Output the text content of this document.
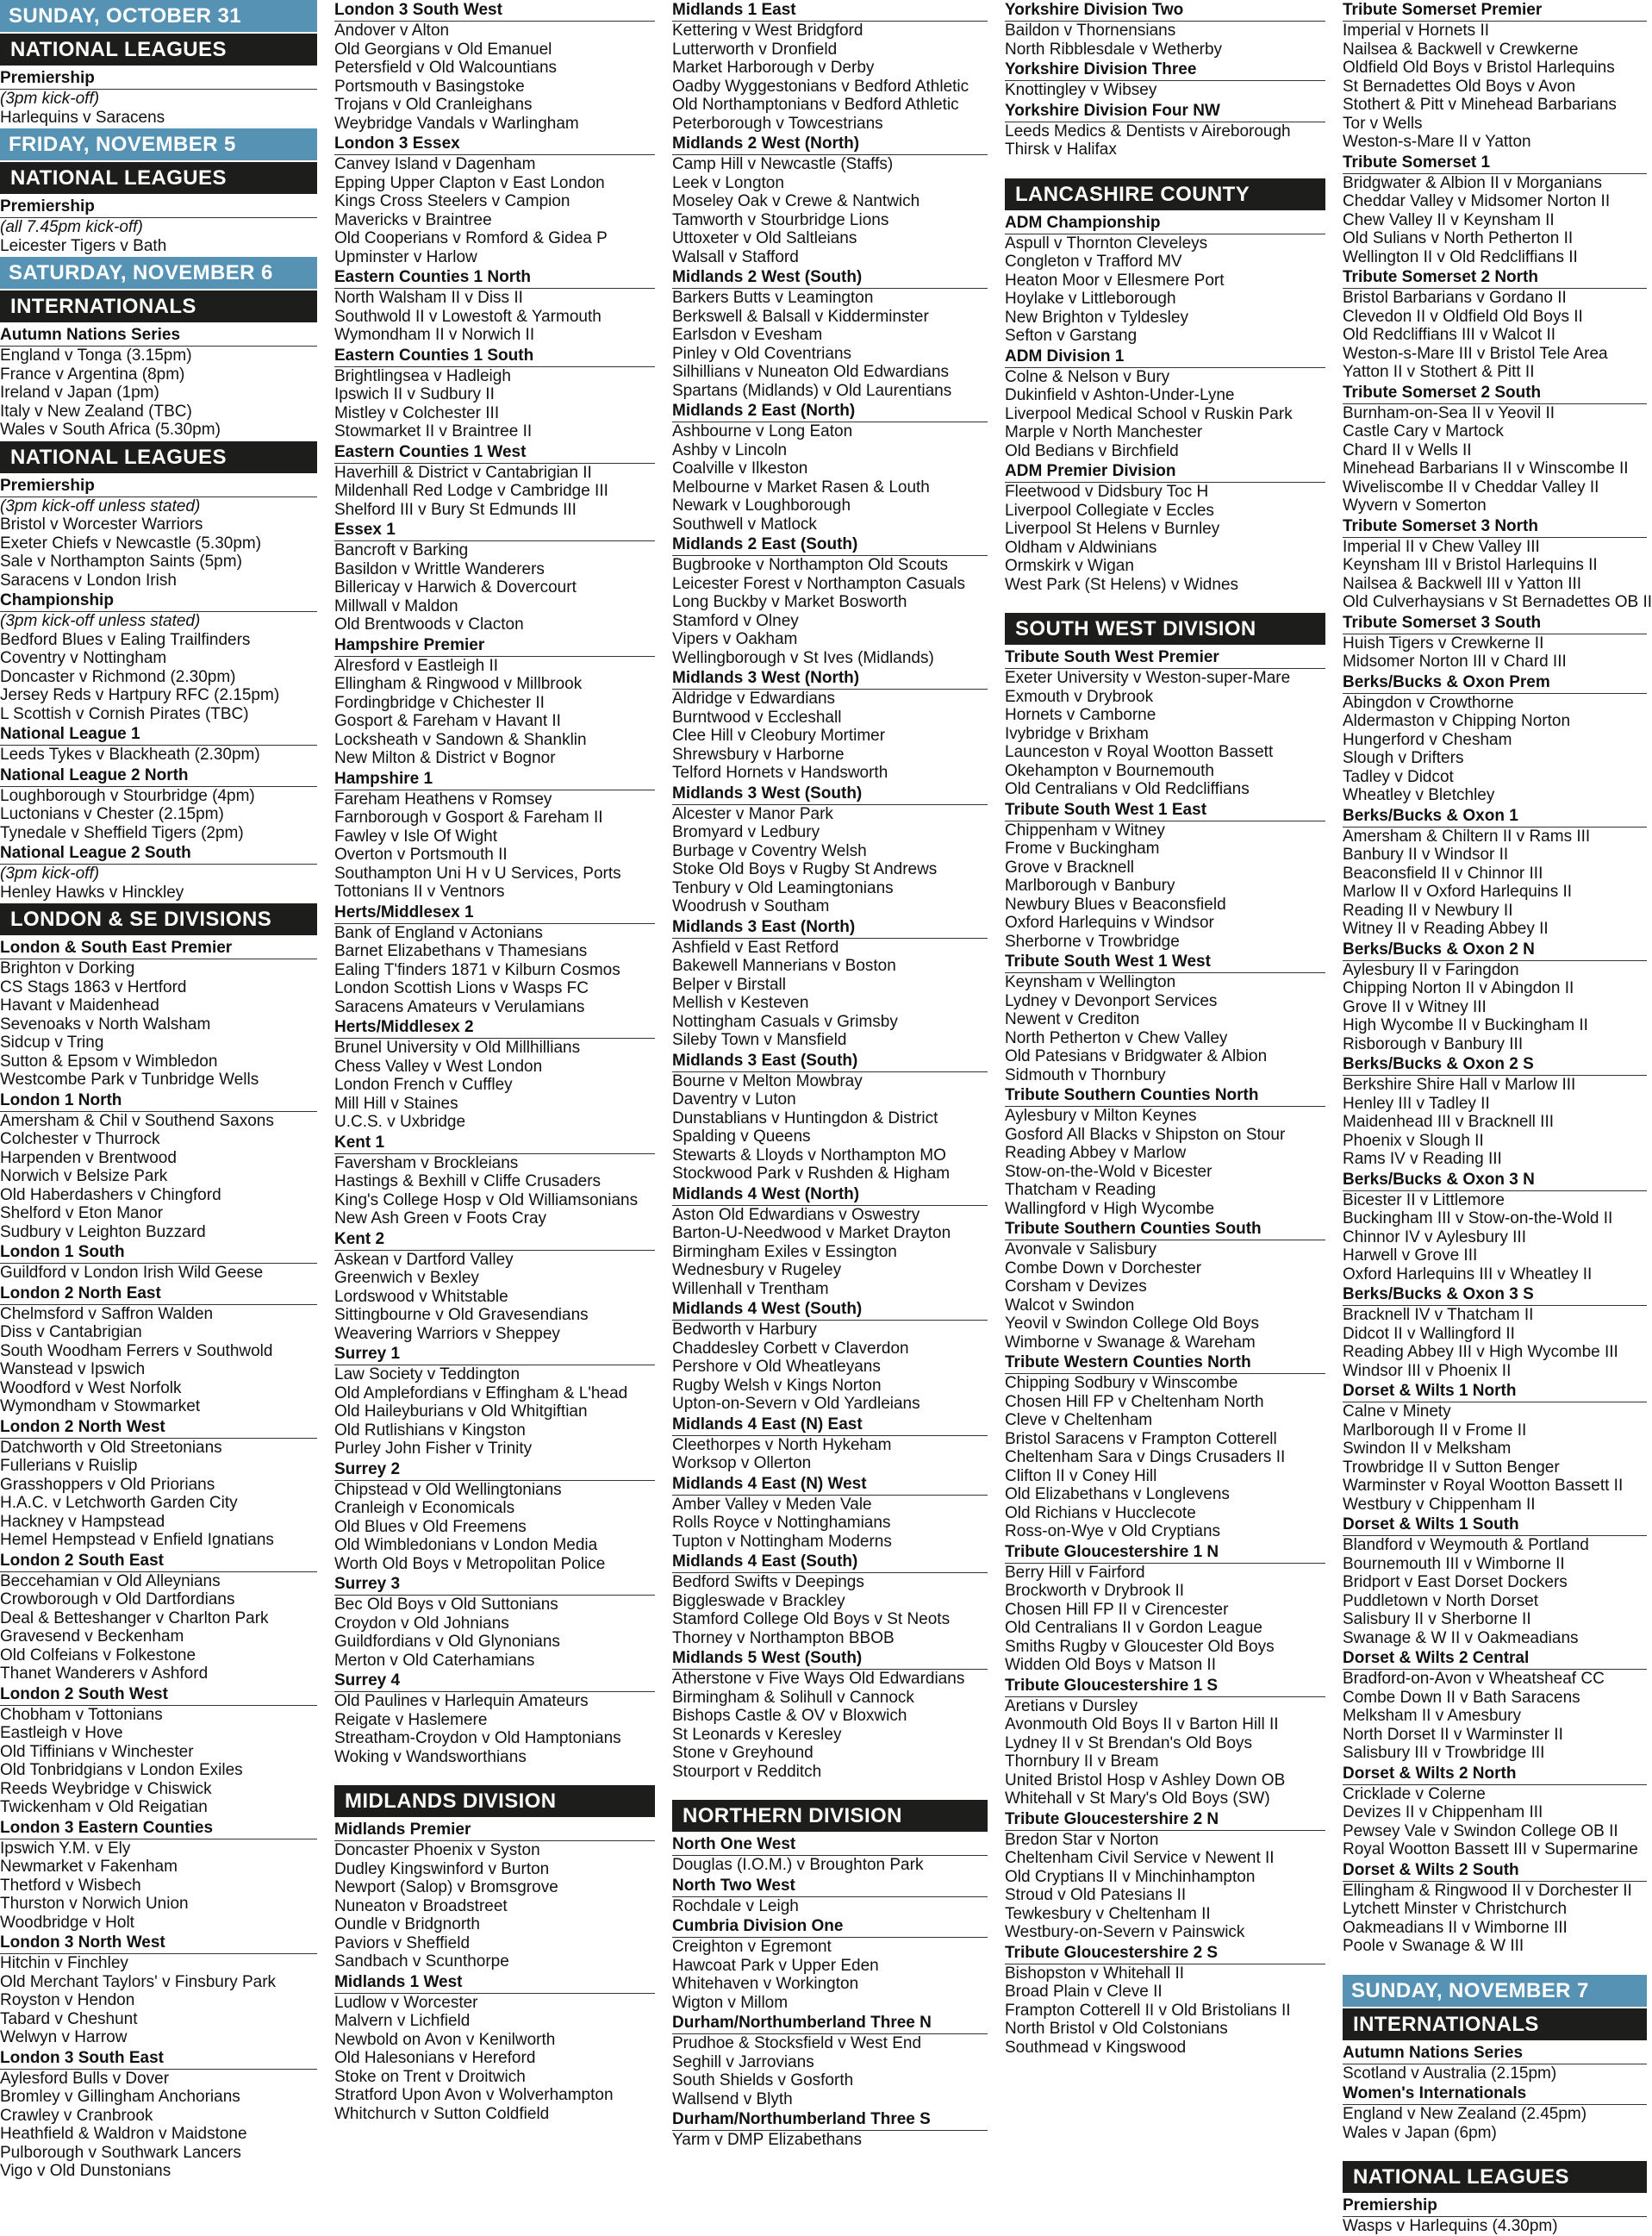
SUNDAY, OCTOBER 31
NATIONAL LEAGUES
Premiership
(3pm kick-off)
Harlequins v Saracens
FRIDAY, NOVEMBER 5
NATIONAL LEAGUES
Premiership
(all 7.45pm kick-off)
Leicester Tigers v Bath
SATURDAY, NOVEMBER 6
INTERNATIONALS
Autumn Nations Series
England v Tonga (3.15pm)
France v Argentina (8pm)
Ireland v Japan (1pm)
Italy v New Zealand (TBC)
Wales v South Africa (5.30pm)
NATIONAL LEAGUES
Premiership
(3pm kick-off unless stated)
Bristol v Worcester Warriors
Exeter Chiefs v Newcastle (5.30pm)
Sale v Northampton Saints (5pm)
Saracens v London Irish
Championship
(3pm kick-off unless stated)
Bedford Blues v Ealing Trailfinders
Coventry v Nottingham
Doncaster v Richmond (2.30pm)
Jersey Reds v Hartpury RFC (2.15pm)
L Scottish v Cornish Pirates (TBC)
National League 1
Leeds Tykes v Blackheath (2.30pm)
National League 2 North
Loughborough v Stourbridge (4pm)
Luctonians v Chester (2.15pm)
Tynedale v Sheffield Tigers (2pm)
National League 2 South
(3pm kick-off)
Henley Hawks v Hinckley
LONDON & SE DIVISIONS
London & South East Premier
Brighton v Dorking
CS Stags 1863 v Hertford
Havant v Maidenhead
Sevenoaks v North Walsham
Sidcup v Tring
Sutton & Epsom v Wimbledon
Westcombe Park v Tunbridge Wells
London 1 North
Amersham & Chil v Southend Saxons
Colchester v Thurrock
Harpenden v Brentwood
Norwich v Belsize Park
Old Haberdashers v Chingford
Shelford v Eton Manor
Sudbury v Leighton Buzzard
London 1 South
Guildford v London Irish Wild Geese
London 2 North East
Chelmsford v Saffron Walden
Diss v Cantabrigian
South Woodham Ferrers v Southwold
Wanstead v Ipswich
Woodford v West Norfolk
Wymondham v Stowmarket
London 2 North West
Datchworth v Old Streetonians
Fullerians v Ruislip
Grasshoppers v Old Priorians
H.A.C. v Letchworth Garden City
Hackney v Hampstead
Hemel Hempstead v Enfield Ignatians
London 2 South East
Beccehamian v Old Alleynians
Crowborough v Old Dartfordians
Deal & Betteshanger v Charlton Park
Gravesend v Beckenham
Old Colfeians v Folkestone
Thanet Wanderers v Ashford
London 2 South West
Chobham v Tottonians
Eastleigh v Hove
Old Tiffinians v Winchester
Old Tonbridgians v London Exiles
Reeds Weybridge v Chiswick
Twickenham v Old Reigatian
London 3 Eastern Counties
Ipswich Y.M. v Ely
Newmarket v Fakenham
Thetford v Wisbech
Thurston v Norwich Union
Woodbridge v Holt
London 3 North West
Hitchin v Finchley
Old Merchant Taylors' v Finsbury Park
Royston v Hendon
Tabard v Cheshunt
Welwyn v Harrow
London 3 South East
Aylesford Bulls v Dover
Bromley v Gillingham Anchorians
Crawley v Cranbrook
Heathfield & Waldron v Maidstone
Pulborough v Southwark Lancers
Vigo v Old Dunstonians
London 3 South West
Andover v Alton
Old Georgians v Old Emanuel
Petersfield v Old Walcountians
Portsmouth v Basingstoke
Trojans v Old Cranleighans
Weybridge Vandals v Warlingham
London 3 Essex
Canvey Island v Dagenham
Epping Upper Clapton v East London
Kings Cross Steelers v Campion
Mavericks v Braintree
Old Cooperians v Romford & Gidea P
Upminster v Harlow
Eastern Counties 1 North
North Walsham II v Diss II
Southwold II v Lowestoft & Yarmouth
Wymondham II v Norwich II
Eastern Counties 1 South
Brightlingsea v Hadleigh
Ipswich II v Sudbury II
Mistley v Colchester III
Stowmarket II v Braintree II
Eastern Counties 1 West
Haverhill & District v Cantabrigian II
Mildenhall Red Lodge v Cambridge III
Shelford III v Bury St Edmunds III
Essex 1
Bancroft v Barking
Basildon v Writtle Wanderers
Billericay v Harwich & Dovercourt
Millwall v Maldon
Old Brentwoods v Clacton
Hampshire Premier
Alresford v Eastleigh II
Ellingham & Ringwood v Millbrook
Fordingbridge v Chichester II
Gosport & Fareham v Havant II
Locksheath v Sandown & Shanklin
New Milton & District v Bognor
Hampshire 1
Fareham Heathens v Romsey
Farnborough v Gosport & Fareham II
Fawley v Isle Of Wight
Overton v Portsmouth II
Southampton Uni H v U Services, Ports
Tottonians II v Ventnors
Herts/Middlesex 1
Bank of England v Actonians
Barnet Elizabethans v Thamesians
Ealing T'finders 1871 v Kilburn Cosmos
London Scottish Lions v Wasps FC
Saracens Amateurs v Verulamians
Herts/Middlesex 2
Brunel University v Old Millhillians
Chess Valley v West London
London French v Cuffley
Mill Hill v Staines
U.C.S. v Uxbridge
Kent 1
Faversham v Brockleians
Hastings & Bexhill v Cliffe Crusaders
King's College Hosp v Old Williamsonians
New Ash Green v Foots Cray
Kent 2
Askean v Dartford Valley
Greenwich v Bexley
Lordswood v Whitstable
Sittingbourne v Old Gravesendians
Weavering Warriors v Sheppey
Surrey 1
Law Society v Teddington
Old Amplefordians v Effingham & L'head
Old Haileyburians v Old Whitgiftian
Old Rutlishians v Kingston
Purley John Fisher v Trinity
Surrey 2
Chipstead v Old Wellingtonians
Cranleigh v Economicals
Old Blues v Old Freemens
Old Wimbledonians v London Media
Worth Old Boys v Metropolitan Police
Surrey 3
Bec Old Boys v Old Suttonians
Croydon v Old Johnians
Guildfordians v Old Glynonians
Merton v Old Caterhamians
Surrey 4
Old Paulines v Harlequin Amateurs
Reigate v Haslemere
Streatham-Croydon v Old Hamptonians
Woking v Wandsworthians
MIDLANDS DIVISION
Midlands Premier
Doncaster Phoenix v Syston
Dudley Kingswinford v Burton
Newport (Salop) v Bromsgrove
Nuneaton v Broadstreet
Oundle v Bridgnorth
Paviors v Sheffield
Sandbach v Scunthorpe
Midlands 1 West
Ludlow v Worcester
Malvern v Lichfield
Newbold on Avon v Kenilworth
Old Halesonians v Hereford
Stoke on Trent v Droitwich
Stratford Upon Avon v Wolverhampton
Whitchurch v Sutton Coldfield
Midlands 1 East
Kettering v West Bridgford
Lutterworth v Dronfield
Market Harborough v Derby
Oadby Wyggestonians v Bedford Athletic
Old Northamptonians v Bedford Athletic
Peterborough v Towcestrians
Midlands 2 West (North)
Camp Hill v Newcastle (Staffs)
Leek v Longton
Moseley Oak v Crewe & Nantwich
Tamworth v Stourbridge Lions
Uttoxeter v Old Saltleians
Walsall v Stafford
Midlands 2 West (South)
Barkers Butts v Leamington
Berkswell & Balsall v Kidderminster
Earlsdon v Evesham
Pinley v Old Coventrians
Silhillians v Nuneaton Old Edwardians
Spartans (Midlands) v Old Laurentians
Midlands 2 East (North)
Ashbourne v Long Eaton
Ashby v Lincoln
Coalville v Ilkeston
Melbourne v Market Rasen & Louth
Newark v Loughborough
Southwell v Matlock
Midlands 2 East (South)
Bugbrooke v Northampton Old Scouts
Leicester Forest v Northampton Casuals
Long Buckby v Market Bosworth
Stamford v Olney
Vipers v Oakham
Wellingborough v St Ives (Midlands)
Midlands 3 West (North)
Aldridge v Edwardians
Burntwood v Eccleshall
Clee Hill v Cleobury Mortimer
Shrewsbury v Harborne
Telford Hornets v Handsworth
Midlands 3 West (South)
Alcester v Manor Park
Bromyard v Ledbury
Burbage v Coventry Welsh
Stoke Old Boys v Rugby St Andrews
Tenbury v Old Leamingtonians
Woodrush v Southam
Midlands 3 East (North)
Ashfield v East Retford
Bakewell Mannerians v Boston
Belper v Birstall
Mellish v Kesteven
Nottingham Casuals v Grimsby
Sileby Town v Mansfield
Midlands 3 East (South)
Bourne v Melton Mowbray
Daventry v Luton
Dunstablians v Huntingdon & District
Spalding v Queens
Stewarts & Lloyds v Northampton MO
Stockwood Park v Rushden & Higham
Midlands 4 West (North)
Aston Old Edwardians v Oswestry
Barton-U-Needwood v Market Drayton
Birmingham Exiles v Essington
Wednesbury v Rugeley
Willenhall v Trentham
Midlands 4 West (South)
Bedworth v Harbury
Chaddesley Corbett v Claverdon
Pershore v Old Wheatleyans
Rugby Welsh v Kings Norton
Upton-on-Severn v Old Yardleians
Midlands 4 East (N) East
Cleethorpes v North Hykeham
Worksop v Ollerton
Midlands 4 East (N) West
Amber Valley v Meden Vale
Rolls Royce v Nottinghamians
Tupton v Nottingham Moderns
Midlands 4 East (South)
Bedford Swifts v Deepings
Biggleswade v Brackley
Stamford College Old Boys v St Neots
Thorney v Northampton BBOB
Midlands 5 West (South)
Atherstone v Five Ways Old Edwardians
Birmingham & Solihull v Cannock
Bishops Castle & OV v Bloxwich
St Leonards v Keresley
Stone v Greyhound
Stourport v Redditch
NORTHERN DIVISION
North One West
Douglas (I.O.M.) v Broughton Park
North Two West
Rochdale v Leigh
Cumbria Division One
Creighton v Egremont
Hawcoat Park v Upper Eden
Whitehaven v Workington
Wigton v Millom
Durham/Northumberland Three N
Prudhoe & Stocksfield v West End
Seghill v Jarrovians
South Shields v Gosforth
Wallsend v Blyth
Durham/Northumberland Three S
Yarm v DMP Elizabethans
Yorkshire Division Two
Baildon v Thornensians
North Ribblesdale v Wetherby
Yorkshire Division Three
Knottingley v Wibsey
Yorkshire Division Four NW
Leeds Medics & Dentists v Aireborough
Thirsk v Halifax
LANCASHIRE COUNTY
ADM Championship
Aspull v Thornton Cleveleys
Congleton v Trafford MV
Heaton Moor v Ellesmere Port
Hoylake v Littleborough
New Brighton v Tyldesley
Sefton v Garstang
ADM Division 1
Colne & Nelson v Bury
Dukinfield v Ashton-Under-Lyne
Liverpool Medical School v Ruskin Park
Marple v North Manchester
Old Bedians v Birchfield
ADM Premier Division
Fleetwood v Didsbury Toc H
Liverpool Collegiate v Eccles
Liverpool St Helens v Burnley
Oldham v Aldwinians
Ormskirk v Wigan
West Park (St Helens) v Widnes
SOUTH WEST DIVISION
Tribute South West Premier
Exeter University v Weston-super-Mare
Exmouth v Drybrook
Hornets v Camborne
Ivybridge v Brixham
Launceston v Royal Wootton Bassett
Okehampton v Bournemouth
Old Centralians v Old Redcliffians
Tribute South West 1 East
Chippenham v Witney
Frome v Buckingham
Grove v Bracknell
Marlborough v Banbury
Newbury Blues v Beaconsfield
Oxford Harlequins v Windsor
Sherborne v Trowbridge
Tribute South West 1 West
Keynsham v Wellington
Lydney v Devonport Services
Newent v Crediton
North Petherton v Chew Valley
Old Patesians v Bridgwater & Albion
Sidmouth v Thornbury
Tribute Southern Counties North
Aylesbury v Milton Keynes
Gosford All Blacks v Shipston on Stour
Reading Abbey v Marlow
Stow-on-the-Wold v Bicester
Thatcham v Reading
Wallingford v High Wycombe
Tribute Southern Counties South
Avonvale v Salisbury
Combe Down v Dorchester
Corsham v Devizes
Walcot v Swindon
Yeovil v Swindon College Old Boys
Wimborne v Swanage & Wareham
Tribute Western Counties North
Chipping Sodbury v Winscombe
Chosen Hill FP v Cheltenham North
Cleve v Cheltenham
Bristol Saracens v Frampton Cotterell
Cheltenham Sara v Dings Crusaders II
Clifton II v Coney Hill
Old Elizabethans v Longlevens
Old Richians v Hucclecote
Ross-on-Wye v Old Cryptians
Tribute Gloucestershire 1 N
Berry Hill v Fairford
Brockworth v Drybrook II
Chosen Hill FP II v Cirencester
Old Centralians II v Gordon League
Smiths Rugby v Gloucester Old Boys
Widden Old Boys v Matson II
Tribute Gloucestershire 1 S
Aretians v Dursley
Avonmouth Old Boys II v Barton Hill II
Lydney II v St Brendan's Old Boys
Thornbury II v Bream
United Bristol Hosp v Ashley Down OB
Whitehall v St Mary's Old Boys (SW)
Tribute Gloucestershire 2 N
Bredon Star v Norton
Cheltenham Civil Service v Newent II
Old Cryptians II v Minchinhampton
Stroud v Old Patesians II
Tewkesbury v Cheltenham II
Westbury-on-Severn v Painswick
Tribute Gloucestershire 2 S
Bishopston v Whitehall II
Broad Plain v Cleve II
Frampton Cotterell II v Old Bristolians II
North Bristol v Old Colstonians
Southmead v Kingswood
Tribute Somerset Premier
Imperial v Hornets II
Nailsea & Backwell v Crewkerne
Oldfield Old Boys v Bristol Harlequins
St Bernadettes Old Boys v Avon
Stothert & Pitt v Minehead Barbarians
Tor v Wells
Weston-s-Mare II v Yatton
Tribute Somerset 1
Bridgwater & Albion II v Morganians
Cheddar Valley v Midsomer Norton II
Chew Valley II v Keynsham II
Old Sulians v North Petherton II
Wellington II v Old Redcliffians II
Tribute Somerset 2 North
Bristol Barbarians v Gordano II
Clevedon II v Oldfield Old Boys II
Old Redcliffians III v Walcot II
Weston-s-Mare III v Bristol Tele Area
Yatton II v Stothert & Pitt II
Tribute Somerset 2 South
Burnham-on-Sea II v Yeovil II
Castle Cary v Martock
Chard II v Wells II
Minehead Barbarians II v Winscombe II
Wiveliscombe II v Cheddar Valley II
Wyvern v Somerton
Tribute Somerset 3 North
Imperial II v Chew Valley III
Keynsham III v Bristol Harlequins II
Nailsea & Backwell III v Yatton III
Old Culverhaysians v St Bernadettes OB II
Tribute Somerset 3 South
Huish Tigers v Crewkerne II
Midsomer Norton III v Chard III
Berks/Bucks & Oxon Prem
Abingdon v Crowthorne
Aldermaston v Chipping Norton
Hungerford v Chesham
Slough v Drifters
Tadley v Didcot
Wheatley v Bletchley
Berks/Bucks & Oxon 1
Amersham & Chiltern II v Rams III
Banbury II v Windsor II
Beaconsfield II v Chinnor III
Marlow II v Oxford Harlequins II
Reading II v Newbury II
Witney II v Reading Abbey II
Berks/Bucks & Oxon 2 N
Aylesbury II v Faringdon
Chipping Norton II v Abingdon II
Grove II v Witney III
High Wycombe II v Buckingham II
Risborough v Banbury III
Berks/Bucks & Oxon 2 S
Berkshire Shire Hall v Marlow III
Henley III v Tadley II
Maidenhead III v Bracknell III
Phoenix v Slough II
Rams IV v Reading III
Berks/Bucks & Oxon 3 N
Bicester II v Littlemore
Buckingham III v Stow-on-the-Wold II
Chinnor IV v Aylesbury III
Harwell v Grove III
Oxford Harlequins III v Wheatley II
Berks/Bucks & Oxon 3 S
Bracknell IV v Thatcham II
Didcot II v Wallingford II
Reading Abbey III v High Wycombe III
Windsor III v Phoenix II
Dorset & Wilts 1 North
Calne v Minety
Marlborough II v Frome II
Swindon II v Melksham
Trowbridge II v Sutton Benger
Warminster v Royal Wootton Bassett II
Westbury v Chippenham II
Dorset & Wilts 1 South
Blandford v Weymouth & Portland
Bournemouth III v Wimborne II
Bridport v East Dorset Dockers
Puddletown v North Dorset
Salisbury II v Sherborne II
Swanage & W II v Oakmeadians
Dorset & Wilts 2 Central
Bradford-on-Avon v Wheatsheaf CC
Combe Down II v Bath Saracens
Melksham II v Amesbury
North Dorset II v Warminster II
Salisbury III v Trowbridge III
Dorset & Wilts 2 North
Cricklade v Colerne
Devizes II v Chippenham III
Pewsey Vale v Swindon College OB II
Royal Wootton Bassett III v Supermarine
Dorset & Wilts 2 South
Ellingham & Ringwood II v Dorchester II
Lytchett Minster v Christchurch
Oakmeadians II v Wimborne III
Poole v Swanage & W III
SUNDAY, NOVEMBER 7
INTERNATIONALS
Autumn Nations Series
Scotland v Australia (2.15pm)
Women's Internationals
England v New Zealand (2.45pm)
Wales v Japan (6pm)
NATIONAL LEAGUES
Premiership
Wasps v Harlequins (4.30pm)
